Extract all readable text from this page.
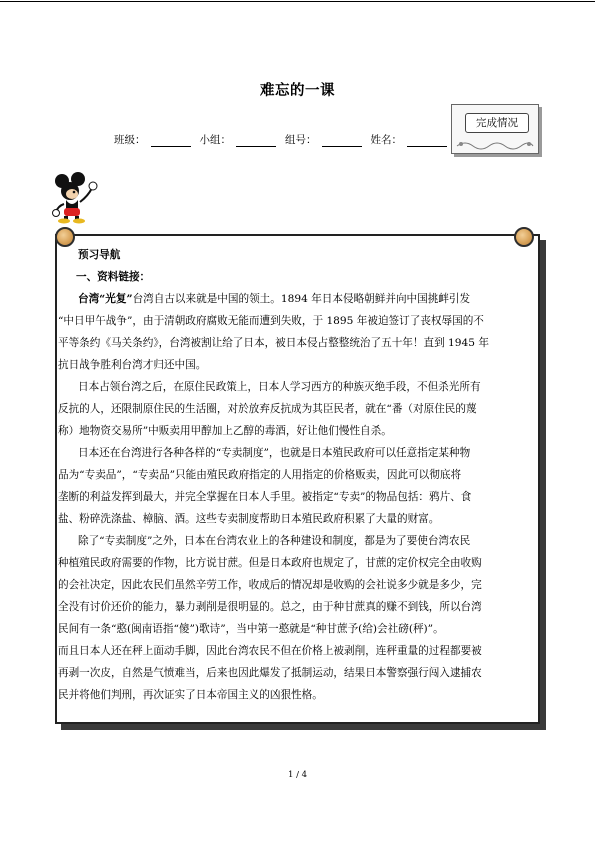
难忘的一课
班级：	小组：	组号：	姓名：
完成情况

预习导航

一、资料链接：

台湾“光复”台湾自古以来就是中国的领土。1894 年日本侵略朝鲜并向中国挑衅引发

“中日甲午战争”，由于清朝政府腐败无能而遭到失败，于 1895 年被迫签订了丧权辱国的不

平等条约《马关条约》，台湾被割让给了日本，被日本侵占整整统治了五十年！直到 1945 年

抗日战争胜利台湾才归还中国。

日本占领台湾之后，在原住民政策上，日本人学习西方的种族灭绝手段，不但杀光所有

反抗的人，还限制原住民的生活圈，对於放弃反抗成为其臣民者，就在“番（对原住民的蔑

称）地物资交易所”中贩卖用甲醇加上乙醇的毒酒，好让他们慢性自杀。

日本还在台湾进行各种各样的“专卖制度”，也就是日本殖民政府可以任意指定某种物

品为“专卖品”，“专卖品”只能由殖民政府指定的人用指定的价格贩卖，因此可以彻底将

垄断的利益发挥到最大，并完全掌握在日本人手里。被指定“专卖”的物品包括：鸦片、食

盐、粉碎洗涤盐、樟脑、酒。这些专卖制度帮助日本殖民政府积累了大量的财富。

除了“专卖制度”之外，日本在台湾农业上的各种建设和制度，都是为了要使台湾农民

种植殖民政府需要的作物，比方说甘蔗。但是日本政府也规定了，甘蔗的定价权完全由收购

的会社决定，因此农民们虽然辛劳工作，收成后的情况却是收购的会社说多少就是多少，完

全没有讨价还价的能力，暴力剥削是很明显的。总之，由于种甘蔗真的赚不到钱，所以台湾

民间有一条“憨(闽南语指“傻”)歌诗”，当中第一憨就是“种甘蔗予(给)会社磅(秤)”。

而且日本人还在秤上面动手脚，因此台湾农民不但在价格上被剥削，连秤重量的过程都要被

再剥一次皮，自然是气愤难当，后来也因此爆发了抵制运动，结果日本警察强行闯入逮捕农

民并将他们判刑，再次证实了日本帝国主义的凶狠性格。

1 / 4
